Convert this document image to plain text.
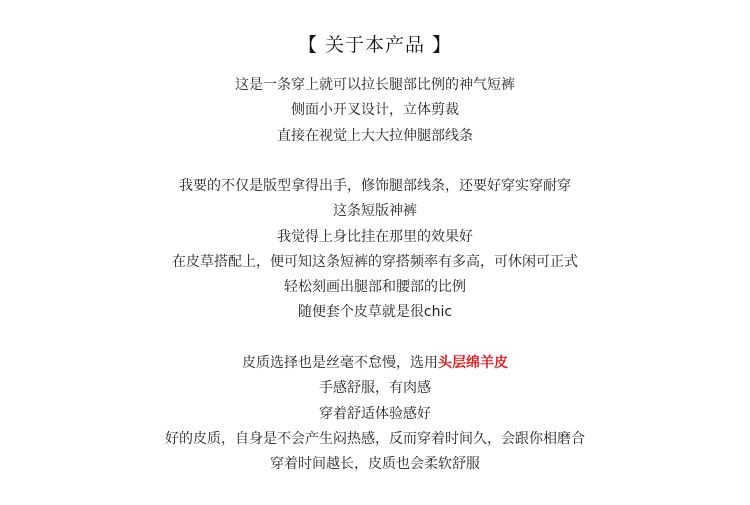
【 关于本产品 】
这是一条穿上就可以拉长腿部比例的神气短裤
侧面小开叉设计，立体剪裁
直接在视觉上大大拉伸腿部线条
我要的不仅是版型拿得出手，修饰腿部线条，还要好穿实穿耐穿
这条短版神裤
我觉得上身比挂在那里的效果好
在皮草搭配上，便可知这条短裤的穿搭频率有多高，可休闲可正式
轻松刻画出腿部和腰部的比例
随便套个皮草就是很chic
皮质选择也是丝毫不怠慢，选用头层绵羊皮
手感舒服，有肉感
穿着舒适体验感好
好的皮质，自身是不会产生闷热感，反而穿着时间久，会跟你相磨合
穿着时间越长，皮质也会柔软舒服
